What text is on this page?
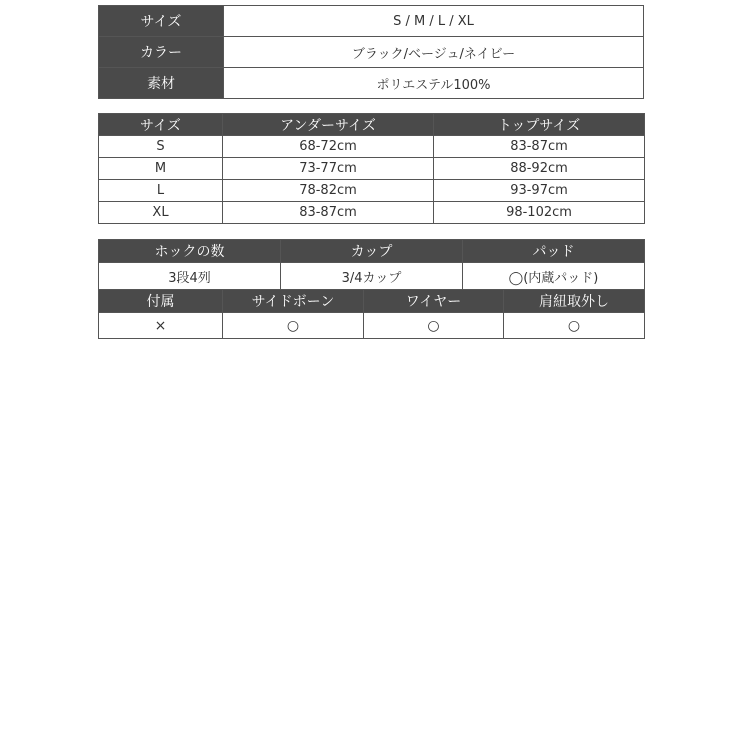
サイズ	S / M / L / XL
カラー	ブラック/ベージュ/ネイビー
素材	ポリエステル100%
サイズ	アンダーサイズ	トップサイズ
S	68-72cm	83-87cm
M	73-77cm	88-92cm
L	78-82cm	93-97cm
XL	83-87cm	98-102cm
ホックの数	カップ	パッド
3段4列	3/4カップ	◯(内蔵パッド)
付属	サイドボーン	ワイヤー	肩紐取外し
×	○	○	○
